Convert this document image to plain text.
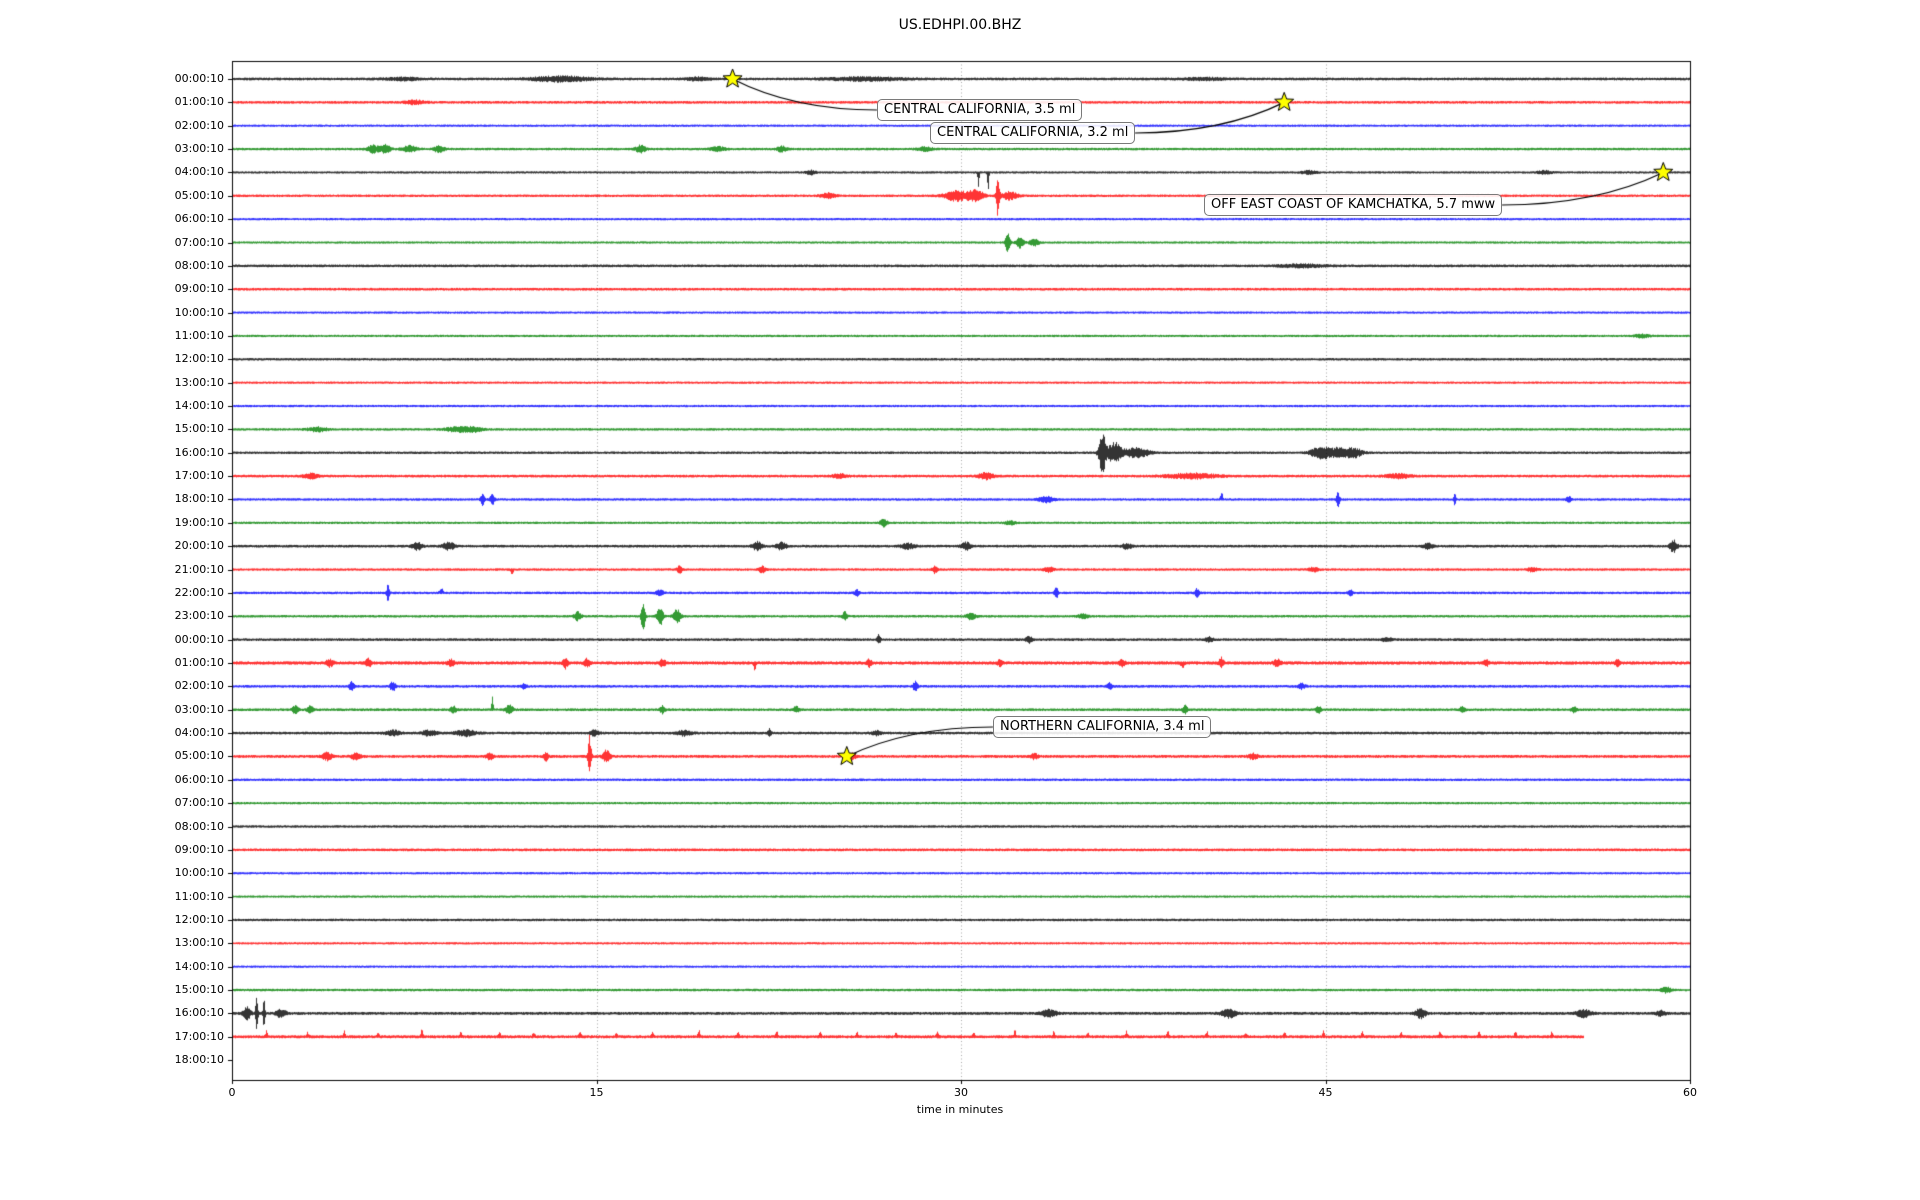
US.EDHPI.00.BHZ
00:00:10
01:00:10
02:00:10
03:00:10
04:00:10
05:00:10
06:00:10
07:00:10
08:00:10
09:00:10
10:00:10
11:00:10
12:00:10
13:00:10
14:00:10
15:00:10
16:00:10
17:00:10
18:00:10
19:00:10
20:00:10
21:00:10
22:00:10
23:00:10
00:00:10
01:00:10
02:00:10
03:00:10
04:00:10
05:00:10
06:00:10
07:00:10
08:00:10
09:00:10
10:00:10
11:00:10
12:00:10
13:00:10
14:00:10
15:00:10
16:00:10
17:00:10
18:00:10
0	15	30	45	60
time in minutes
CENTRAL CALIFORNIA, 3.5 ml
CENTRAL CALIFORNIA, 3.2 ml
OFF EAST COAST OF KAMCHATKA, 5.7 mww
NORTHERN CALIFORNIA, 3.4 ml
